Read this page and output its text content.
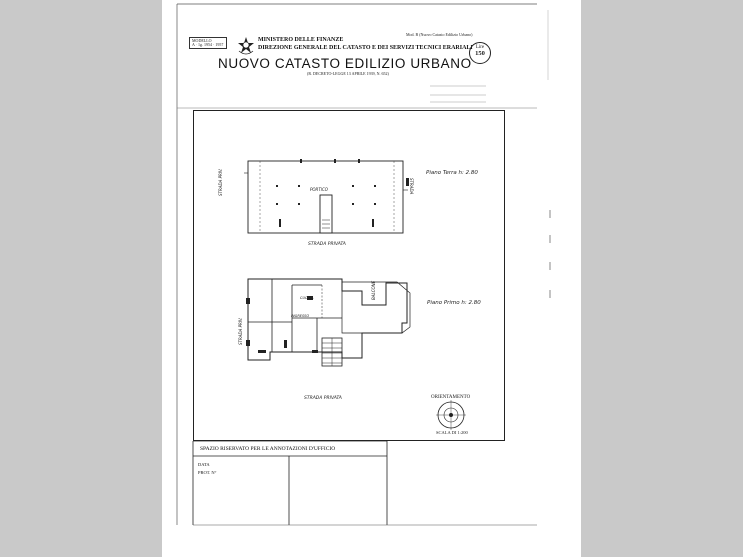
MODELLO
A · 1g. 1954 · 1957
MINISTERO DELLE FINANZE
DIREZIONE GENERALE DEL CATASTO E DEI SERVIZI TECNICI ERARIALI
NUOVO CATASTO EDILIZIO URBANO
(R. DECRETO-LEGGE 13 APRILE 1939, N. 652)
Mod. B (Nuovo Catasto Edilizio Urbano)
Lire
150
Piano Terra h: 2.80
Piano Primo h: 2.80
PORTICO
STRADA PRIVATA
STRADA PRIVATA
STRADA PRIV.	STRADA
STRADA PRIV.
BALCONE
CUCINA
INGRESSO
ORIENTAMENTO
SCALA DI 1:200
SPAZIO RISERVATO PER LE ANNOTAZIONI D'UFFICIO
DATA
PROT. N°
